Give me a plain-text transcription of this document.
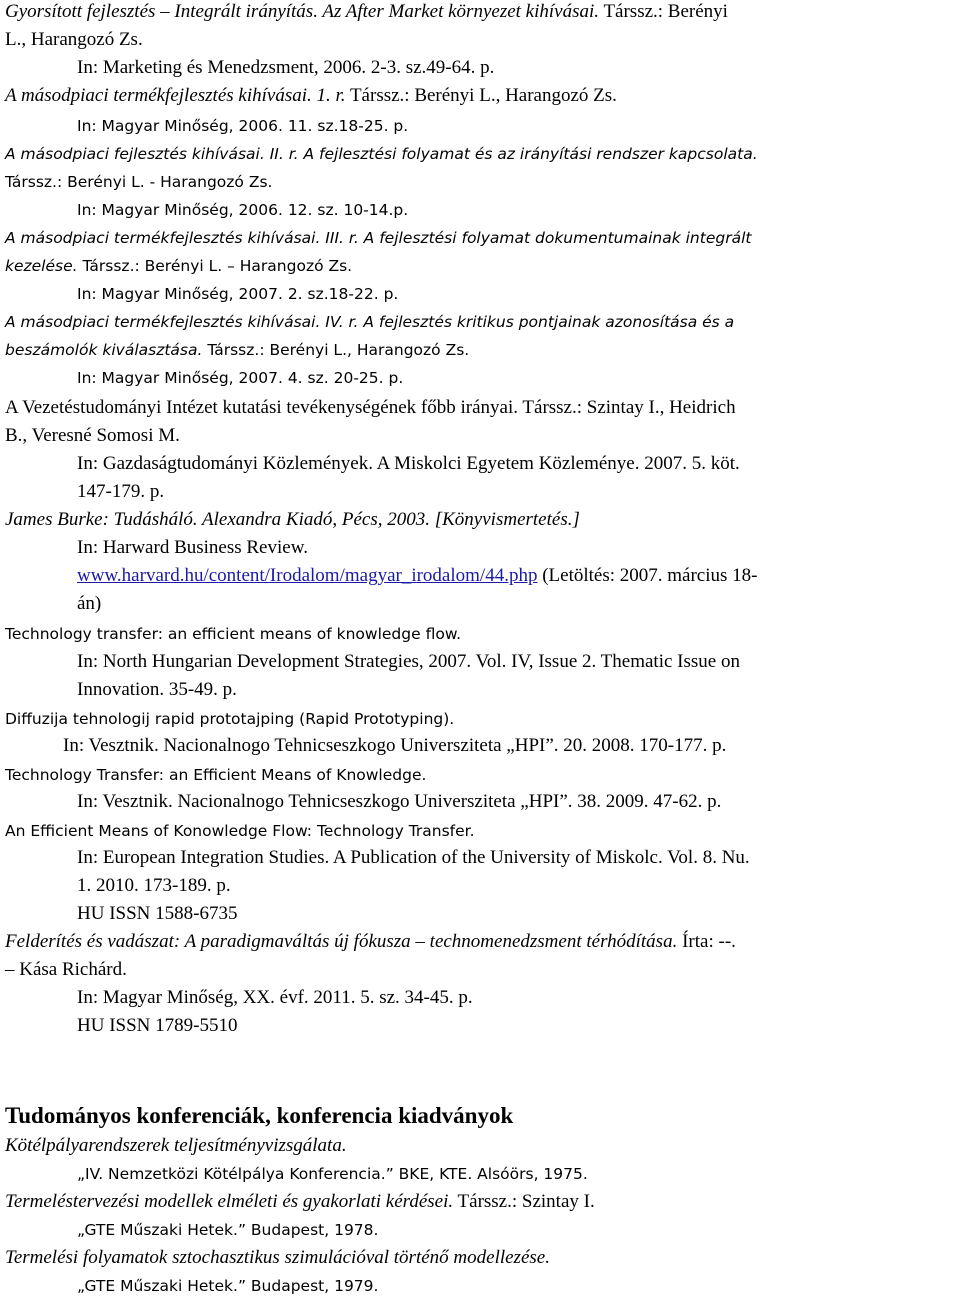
Gyorsított fejlesztés – Integrált irányítás. Az After Market környezet kihívásai. Társsz.: Berényi
L., Harangozó Zs.
In: Marketing és Menedzsment, 2006. 2-3. sz.49-64. p.
A másodpiaci termékfejlesztés kihívásai. 1. r. Társsz.: Berényi L., Harangozó Zs.
In: Magyar Minőség, 2006. 11. sz.18-25. p.
A másodpiaci fejlesztés kihívásai. II. r. A fejlesztési folyamat és az irányítási rendszer kapcsolata.
Társsz.: Berényi L. - Harangozó Zs.
In: Magyar Minőség, 2006. 12. sz. 10-14.p.
A másodpiaci termékfejlesztés kihívásai. III. r. A fejlesztési folyamat dokumentumainak integrált
kezelése. Társsz.: Berényi L. – Harangozó Zs.
In: Magyar Minőség, 2007. 2. sz.18-22. p.
A másodpiaci termékfejlesztés kihívásai. IV. r. A fejlesztés kritikus pontjainak azonosítása és a
beszámolók kiválasztása. Társsz.: Berényi L., Harangozó Zs.
In: Magyar Minőség, 2007. 4. sz. 20-25. p.
A Vezetéstudományi Intézet kutatási tevékenységének főbb irányai. Társsz.: Szintay I., Heidrich
B., Veresné Somosi M.
In: Gazdaságtudományi Közlemények. A Miskolci Egyetem Közleménye. 2007. 5. köt.
147-179. p.
James Burke: Tudásháló. Alexandra Kiadó, Pécs, 2003. [Könyvismertetés.]
In: Harward Business Review.
www.harvard.hu/content/Irodalom/magyar_irodalom/44.php (Letöltés: 2007. március 18-
án)
Technology transfer: an efficient means of knowledge flow.
In: North Hungarian Development Strategies, 2007. Vol. IV, Issue 2. Thematic Issue on
Innovation. 35-49. p.
Diffuzija tehnologij rapid prototajping (Rapid Prototyping).
In: Vesztnik. Nacionalnogo Tehnicseszkogo Universziteta „HPI”. 20. 2008. 170-177. p.
Technology Transfer: an Efficient Means of Knowledge.
In: Vesztnik. Nacionalnogo Tehnicseszkogo Universziteta „HPI”. 38. 2009. 47-62. p.
An Efficient Means of Konowledge Flow: Technology Transfer.
In: European Integration Studies. A Publication of the University of Miskolc. Vol. 8. Nu.
1. 2010. 173-189. p.
HU ISSN 1588-6735
Felderítés és vadászat: A paradigmaváltás új fókusza – technomenedzsment térhódítása. Írta: --.
– Kása Richárd.
In: Magyar Minőség, XX. évf. 2011. 5. sz. 34-45. p.
HU ISSN 1789-5510
Tudományos konferenciák, konferencia kiadványok
Kötélpályarendszerek teljesítményvizsgálata.
„IV. Nemzetközi Kötélpálya Konferencia.” BKE, KTE. Alsóörs, 1975.
Termeléstervezési modellek elméleti és gyakorlati kérdései. Társsz.: Szintay I.
„GTE Műszaki Hetek.” Budapest, 1978.
Termelési folyamatok sztochasztikus szimulációval történő modellezése.
„GTE Műszaki Hetek.” Budapest, 1979.
